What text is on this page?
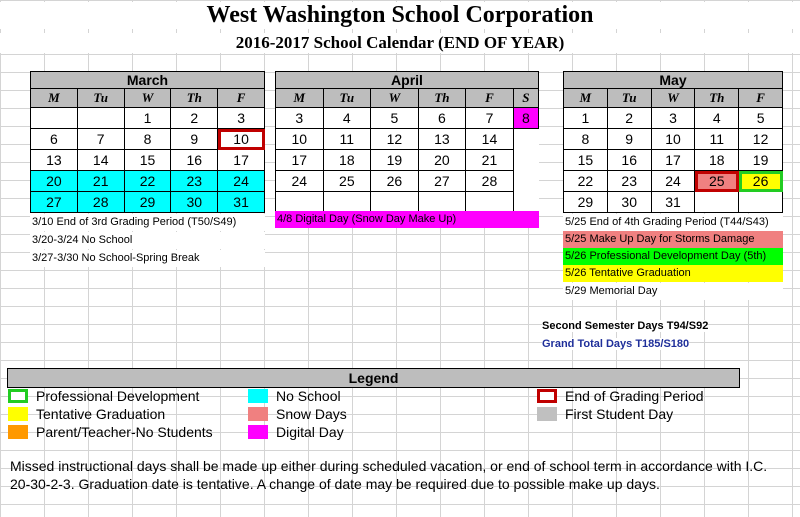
West Washington School Corporation
2016-2017 School Calendar (END OF YEAR)
March				
M	Tu	W	Th	F
		1	2	3
6	7	8	9	10
13	14	15	16	17
20	21	22	23	24
27	28	29	30	31
April					
M	Tu	W	Th	F	S
3	4	5	6	7	8
10	11	12	13	14	
17	18	19	20	21	
24	25	26	27	28	

May				
M	Tu	W	Th	F
1	2	3	4	5
8	9	10	11	12
15	16	17	18	19
22	23	24	25	26
29	30	31		
3/10 End of 3rd Grading Period (T50/S49)
3/20-3/24 No School
3/27-3/30 No School-Spring Break
4/8 Digital Day (Snow Day Make Up)	5/25 End of 4th Grading Period (T44/S43)
5/25 Make Up Day for Storms Damage
5/26 Professional Development Day (5th)
5/26 Tentative Graduation
5/29 Memorial Day
Second Semester Days T94/S92
Grand Total Days T185/S180
Legend
Professional Development
Tentative Graduation
Parent/Teacher-No Students
No School
Snow Days
Digital Day
End of Grading Period
First Student Day
Missed instructional days shall be made up either during scheduled vacation, or end of school term in accordance with I.C. 20-30-2-3. Graduation date is tentative. A change of date may be required due to possible make up days.
